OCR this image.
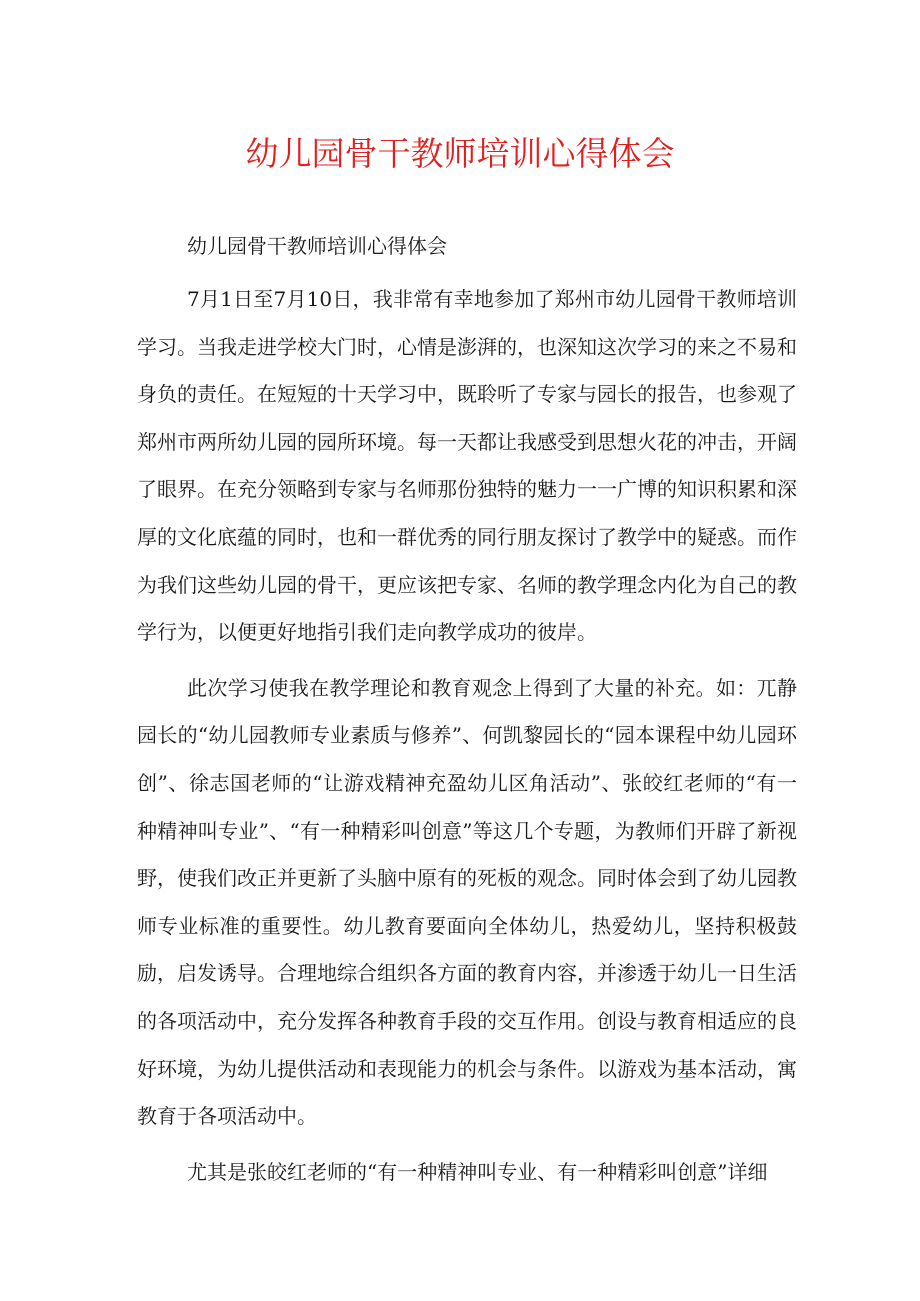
幼儿园骨干教师培训心得体会

幼儿园骨干教师培训心得体会

7月1日至7月10日，我非常有幸地参加了郑州市幼儿园骨干教师培训学习。当我走进学校大门时，心情是澎湃的，也深知这次学习的来之不易和身负的责任。在短短的十天学习中，既聆听了专家与园长的报告，也参观了郑州市两所幼儿园的园所环境。每一天都让我感受到思想火花的冲击，开阔了眼界。在充分领略到专家与名师那份独特的魅力一一广博的知识积累和深厚的文化底蕴的同时，也和一群优秀的同行朋友探讨了教学中的疑惑。而作为我们这些幼儿园的骨干，更应该把专家、名师的教学理念内化为自己的教学行为，以便更好地指引我们走向教学成功的彼岸。

此次学习使我在教学理论和教育观念上得到了大量的补充。如：兀静园长的“幼儿园教师专业素质与修养”、何凯黎园长的“园本课程中幼儿园环创”、徐志国老师的“让游戏精神充盈幼儿区角活动”、张皎红老师的“有一种精神叫专业”、“有一种精彩叫创意”等这几个专题，为教师们开辟了新视野，使我们改正并更新了头脑中原有的死板的观念。同时体会到了幼儿园教师专业标准的重要性。幼儿教育要面向全体幼儿，热爱幼儿，坚持积极鼓励，启发诱导。合理地综合组织各方面的教育内容，并渗透于幼儿一日生活的各项活动中，充分发挥各种教育手段的交互作用。创设与教育相适应的良好环境，为幼儿提供活动和表现能力的机会与条件。以游戏为基本活动，寓教育于各项活动中。

尤其是张皎红老师的“有一种精神叫专业、有一种精彩叫创意”详细
